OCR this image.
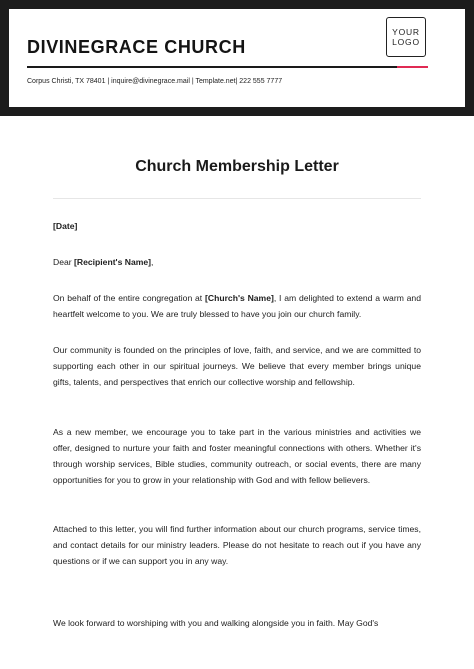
DIVINEGRACE CHURCH
Corpus Christi, TX 78401 | inquire@divinegrace.mail | Template.net| 222 555 7777
YOUR
LOGO
Church Membership Letter

[Date]

Dear [Recipient's Name],

On behalf of the entire congregation at [Church's Name], I am delighted to extend a warm and heartfelt welcome to you. We are truly blessed to have you join our church family.

Our community is founded on the principles of love, faith, and service, and we are committed to supporting each other in our spiritual journeys. We believe that every member brings unique gifts, talents, and perspectives that enrich our collective worship and fellowship.

As a new member, we encourage you to take part in the various ministries and activities we offer, designed to nurture your faith and foster meaningful connections with others. Whether it's through worship services, Bible studies, community outreach, or social events, there are many opportunities for you to grow in your relationship with God and with fellow believers.

Attached to this letter, you will find further information about our church programs, service times, and contact details for our ministry leaders. Please do not hesitate to reach out if you have any questions or if we can support you in any way.

We look forward to worshiping with you and walking alongside you in faith. May God's
